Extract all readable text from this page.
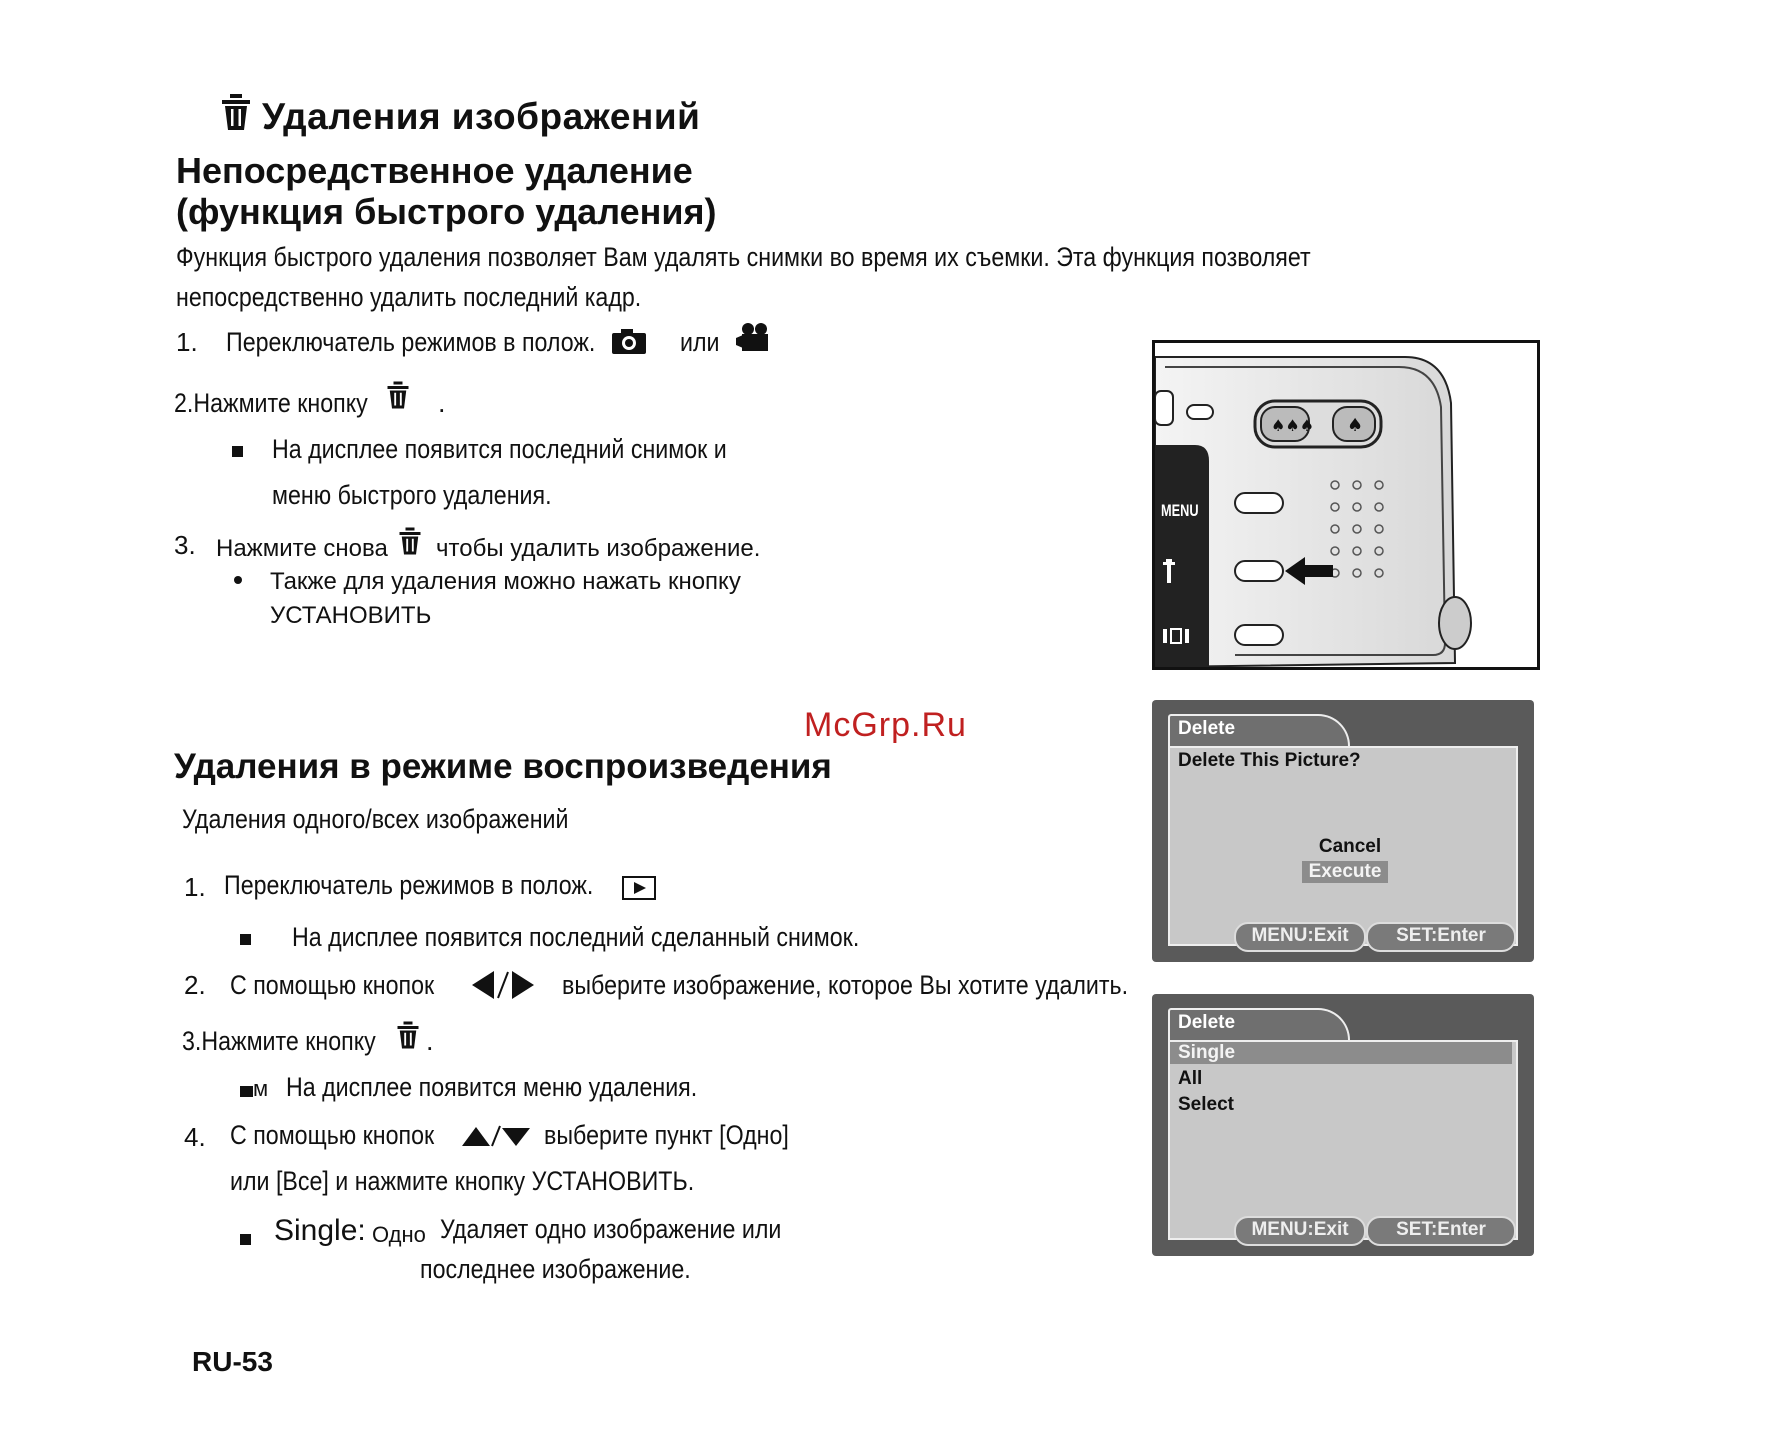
Удаления изображений
Непосредственное удаление
(функция быстрого удаления)
Функция быстрого удаления позволяет Вам удалять снимки во время их съемки. Эта функция позволяет
непосредственно удалить последний кадр.
1. Переключатель режимов в полож.	или
2.Нажмите кнопку	.
На дисплее появится последний снимок и
меню быстрого удаления.
3. Нажмите снова чтобы удалить изображение.
Также для удаления можно нажать кнопку
УСТАНОВИТЬ
♠♠♠ ♠
MENU
Delete
Delete This Picture?
Cancel
Execute
MENU:Exit	SET:Enter
Delete
Single
All
Select
MENU:Exit	SET:Enter
McGrp.Ru
Удаления в режиме воспроизведения
Удаления одного/всех изображений
1. Переключатель режимов в полож.
На дисплее появится последний сделанный снимок.
2. С помощью кнопок	выберите изображение, которое Вы хотите удалить.
3.Нажмите кнопку .
м На дисплее появится меню удаления.
4. С помощью кнопок	выберите пункт [Одно]
или [Все] и нажмите кнопку УСТАНОВИТЬ.
Single: Одно Удаляет одно изображение или
последнее изображение.
RU-53
